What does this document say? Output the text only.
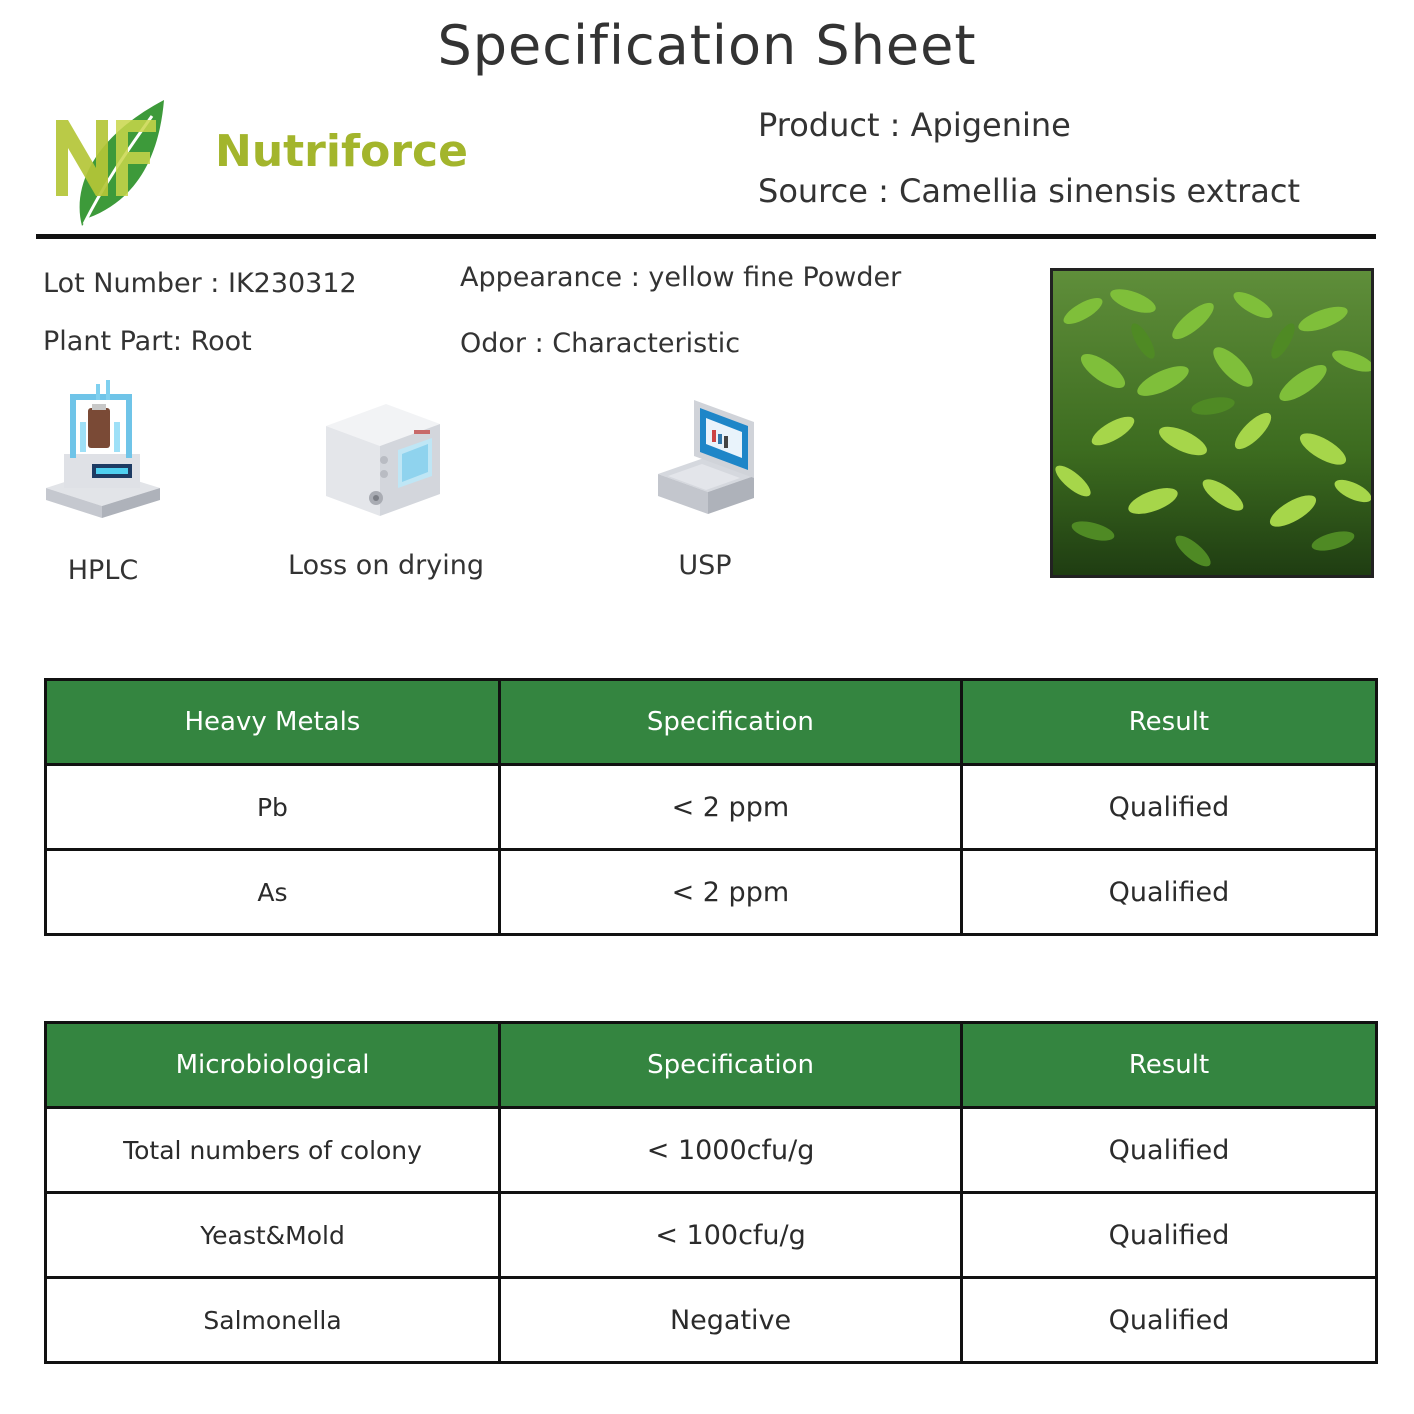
Specification Sheet
Nutriforce
Product : Apigenine
Source : Camellia sinensis extract
Lot Number : IK230312
Plant Part: Root
Appearance : yellow fine Powder
Odor : Characteristic
HPLC	Loss on drying	USP
Heavy Metals	Specification	Result
Pb	< 2 ppm	Qualified
As	< 2 ppm	Qualified
Microbiological	Specification	Result
Total numbers of colony	< 1000cfu/g	Qualified
Yeast&Mold	< 100cfu/g	Qualified
Salmonella	Negative	Qualified
